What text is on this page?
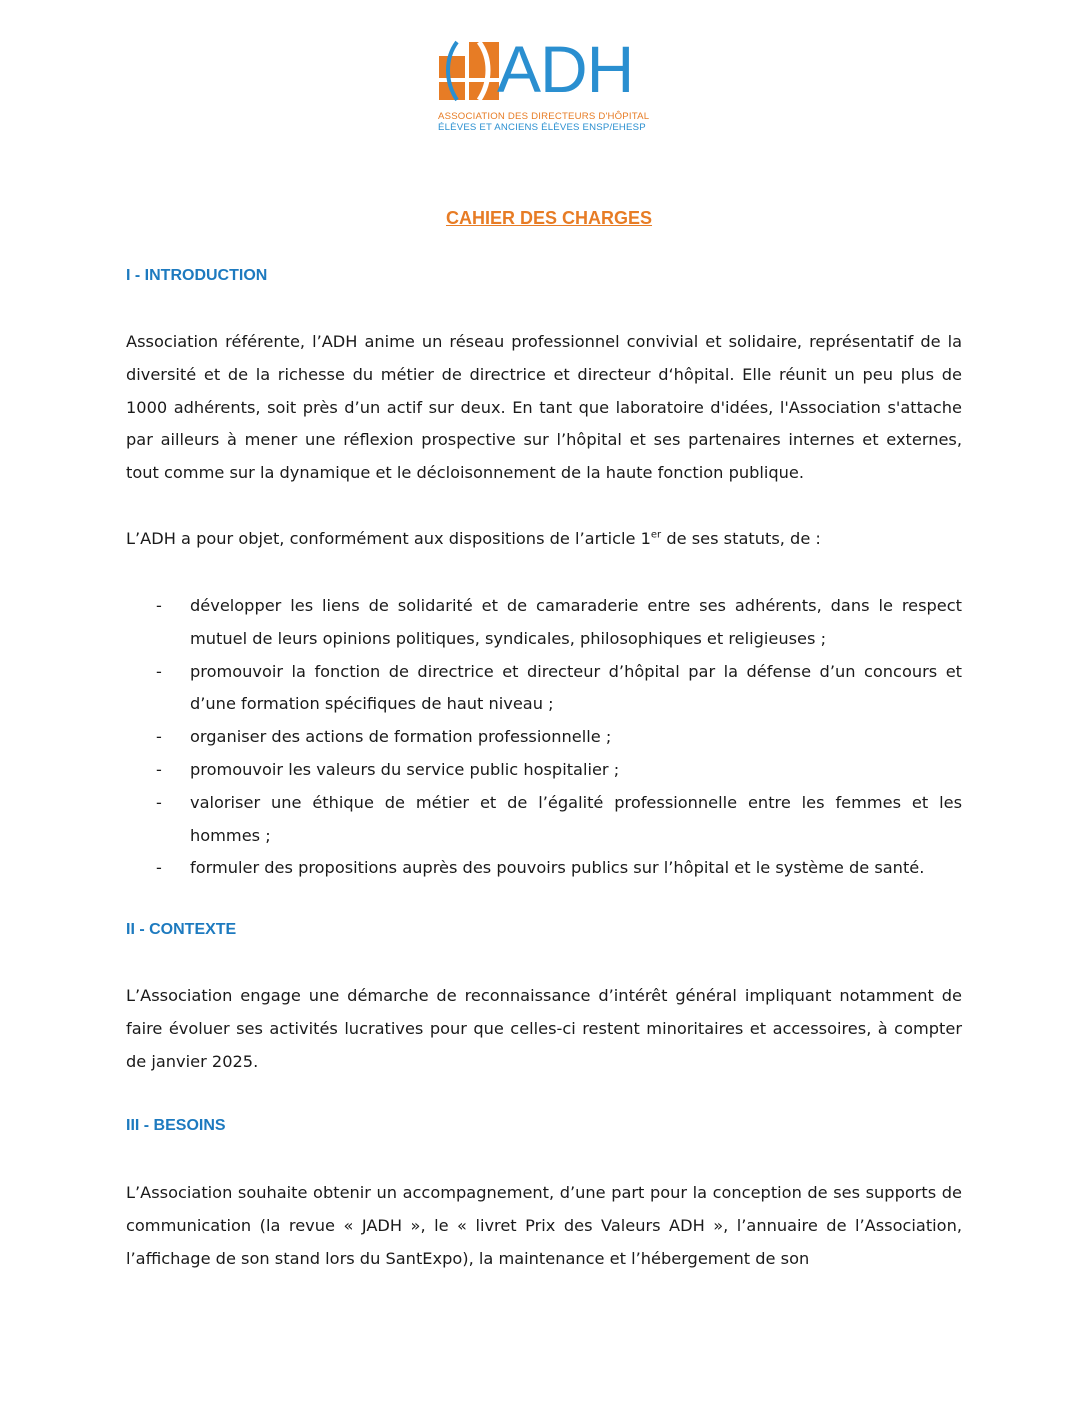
ADH
ASSOCIATION DES DIRECTEURS D'HÔPITAL
ÉLÈVES ET ANCIENS ÉLÈVES ENSP/EHESP
CAHIER DES CHARGES
I - INTRODUCTION

Association référente, l’ADH anime un réseau professionnel convivial et solidaire, représentatif de la diversité et de la richesse du métier de directrice et directeur d‘hôpital. Elle réunit un peu plus de 1000 adhérents, soit près d’un actif sur deux. En tant que laboratoire d'idées, l'Association s'attache par ailleurs à mener une réflexion prospective sur l’hôpital et ses partenaires internes et externes, tout comme sur la dynamique et le décloisonnement de la haute fonction publique.

L’ADH a pour objet, conformément aux dispositions de l’article 1er de ses statuts, de :

- développer les liens de solidarité et de camaraderie entre ses adhérents, dans le respect mutuel de leurs opinions politiques, syndicales, philosophiques et religieuses ;
- promouvoir la fonction de directrice et directeur d’hôpital par la défense d’un concours et d’une formation spécifiques de haut niveau ;
- organiser des actions de formation professionnelle ;
- promouvoir les valeurs du service public hospitalier ;
- valoriser une éthique de métier et de l’égalité professionnelle entre les femmes et les hommes ;
- formuler des propositions auprès des pouvoirs publics sur l’hôpital et le système de santé.
II - CONTEXTE

L’Association engage une démarche de reconnaissance d’intérêt général impliquant notamment de faire évoluer ses activités lucratives pour que celles-ci restent minoritaires et accessoires, à compter de janvier 2025.

III - BESOINS

L’Association souhaite obtenir un accompagnement, d’une part pour la conception de ses supports de communication (la revue « JADH », le « livret Prix des Valeurs ADH », l’annuaire de l’Association, l’affichage de son stand lors du SantExpo), la maintenance et l’hébergement de son
